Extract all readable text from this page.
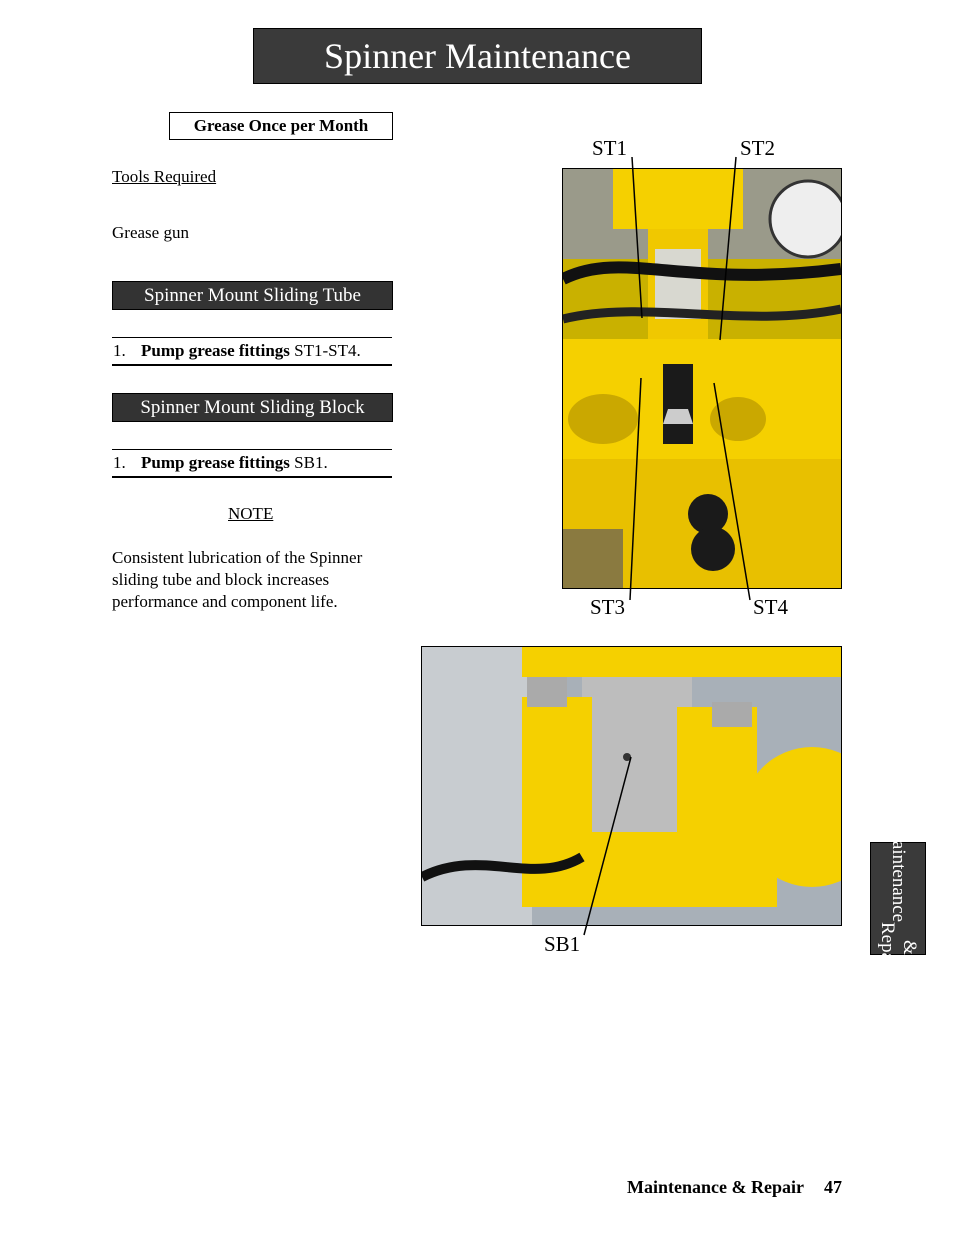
Spinner Maintenance
Grease Once per Month
Tools Required
Grease gun
Spinner Mount Sliding Tube
1. Pump grease fittings ST1-ST4.
Spinner Mount Sliding Block
1. Pump grease fittings SB1.
NOTE
Consistent lubrication of the Spinner
sliding tube and block increases
performance and component life.
ST1	ST2
ST3	ST4
SB1
Maintenance
& Repair
Maintenance & Repair 47
